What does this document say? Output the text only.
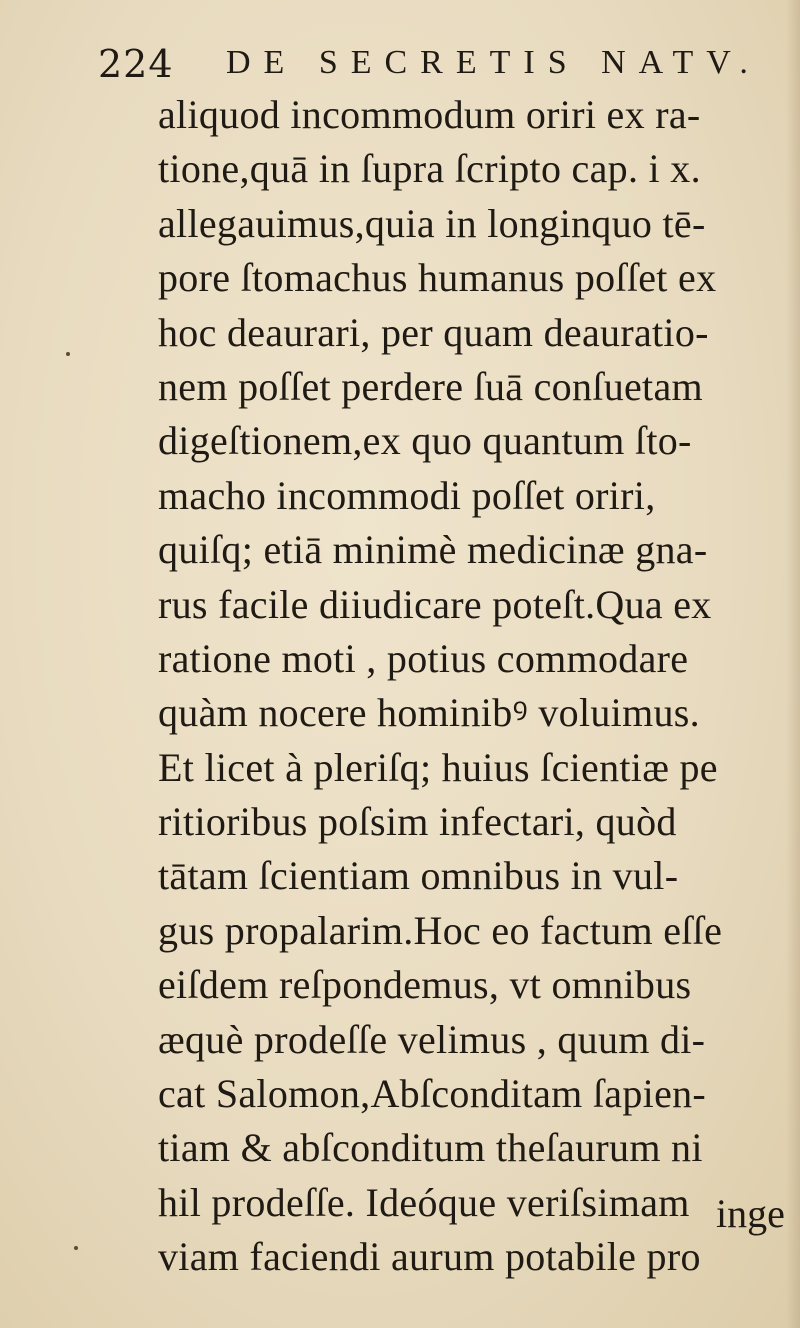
224 DE SECRETIS NATV.
aliquod incommodum oriri ex ra-
tione,quā in ſupra ſcripto cap. i x.
allegauimus,quia in longinquo tē-
pore ſtomachus humanus poſſet ex
hoc deaurari, per quam deauratio-
nem poſſet perdere ſuā conſuetam
digeſtionem,ex quo quantum ſto-
macho incommodi poſſet oriri,
quiſq; etiā minimè medicinæ gna-
rus facile diiudicare poteſt.Qua ex
ratione moti , potius commodare
quàm nocere hominibꝰ voluimus.
Et licet à pleriſq; huius ſcientiæ pe
ritioribus poſsim infectari, quòd
tātam ſcientiam omnibus in vul-
gus propalarim.Hoc eo factum eſſe
eiſdem reſpondemus, vt omnibus
æquè prodeſſe velimus , quum di-
cat Salomon,Abſconditam ſapien-
tiam & abſconditum theſaurum ni
hil prodeſſe. Ideóque veriſsimam
viam faciendi aurum potabile pro
inge
